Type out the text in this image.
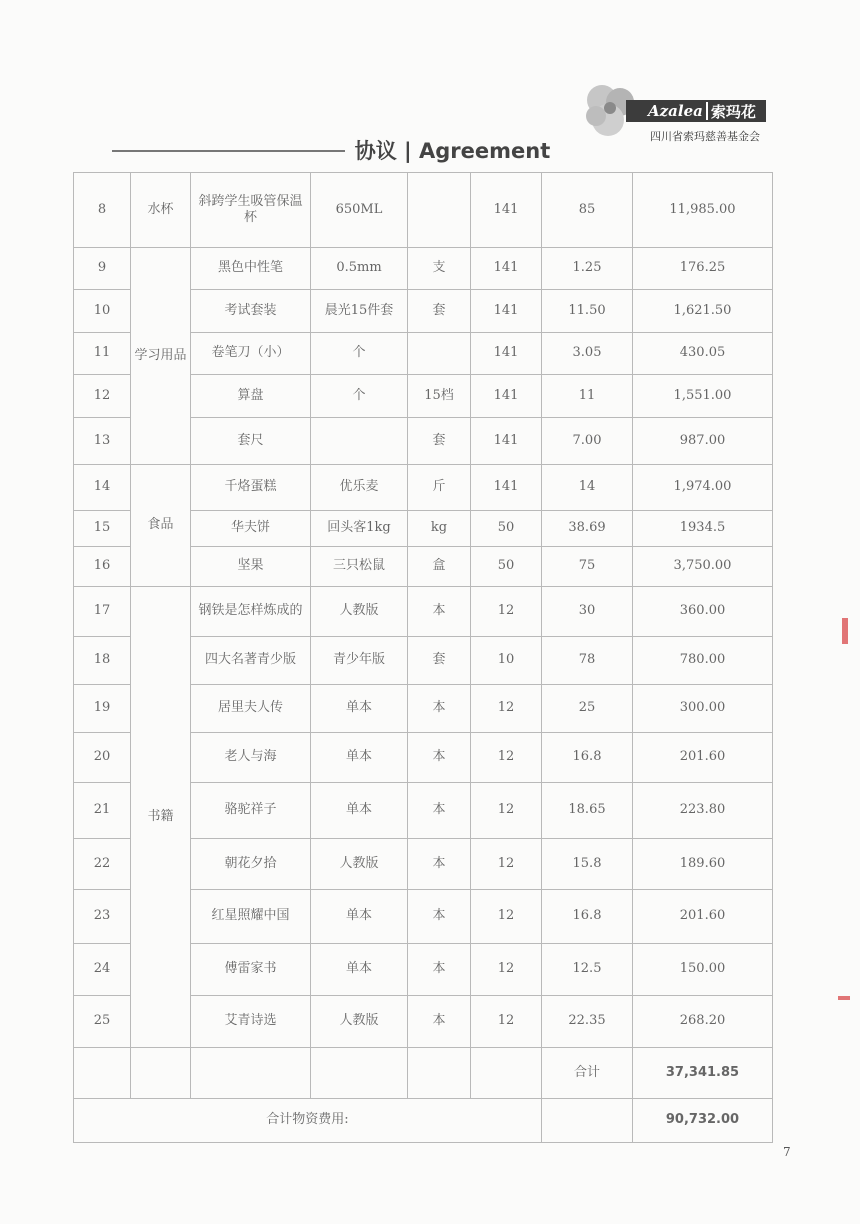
Azalea 索玛花
四川省索玛慈善基金会
协议 | Agreement
8	水杯	斜跨学生吸管保温杯	650ML		141	85	11,985.00
9	学习用品	黑色中性笔	0.5mm	支	141	1.25	176.25
10		考试套装	晨光15件套	套	141	11.50	1,621.50
11		卷笔刀（小）	个		141	3.05	430.05
12		算盘	个	15档	141	11	1,551.00
13		套尺		套	141	7.00	987.00
14	食品	千烙蛋糕	优乐麦	斤	141	14	1,974.00
15		华夫饼	回头客1kg	kg	50	38.69	1934.5
16		坚果	三只松鼠	盒	50	75	3,750.00
17	书籍	钢铁是怎样炼成的	人教版	本	12	30	360.00
18		四大名著青少版	青少年版	套	10	78	780.00
19		居里夫人传	单本	本	12	25	300.00
20		老人与海	单本	本	12	16.8	201.60
21		骆驼祥子	单本	本	12	18.65	223.80
22		朝花夕拾	人教版	本	12	15.8	189.60
23		红星照耀中国	单本	本	12	16.8	201.60
24		傅雷家书	单本	本	12	12.5	150.00
25		艾青诗选	人教版	本	12	22.35	268.20
						合计	37,341.85
合计物资费用:							90,732.00
7
